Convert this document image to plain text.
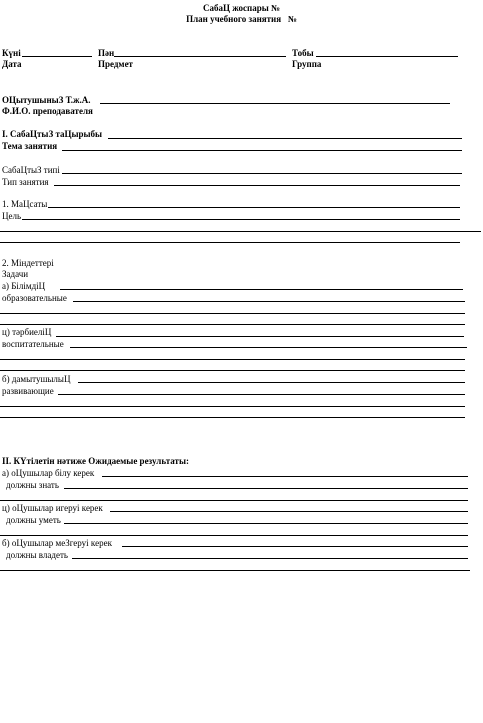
СабаЦ жоспары №
План учебного занятия №
Күні
Дата
Пән
Предмет
Тобы
Группа
ОЦытушыныЗ Т.ж.А.
Ф.И.О. преподавателя
I. СабаЦтыЗ таЦырыбы
Тема занятия
СабаЦтыЗ типі
Тип занятия
1. МаЦсаты
Цель
2. Міндеттері
Задачи
а) БілімдіЦ
образовательные
ц) тәрбиелiЦ
воспитательные
б) дамытушылыЦ
развивающие
II. КYтілетін нәтиже Ожидаемые результаты:
а) оЦушылар білу керек
должны знать
ц) оЦушылар игеруі керек
должны уметь
б) оЦушылар меЗгеруі керек
должны владеть
